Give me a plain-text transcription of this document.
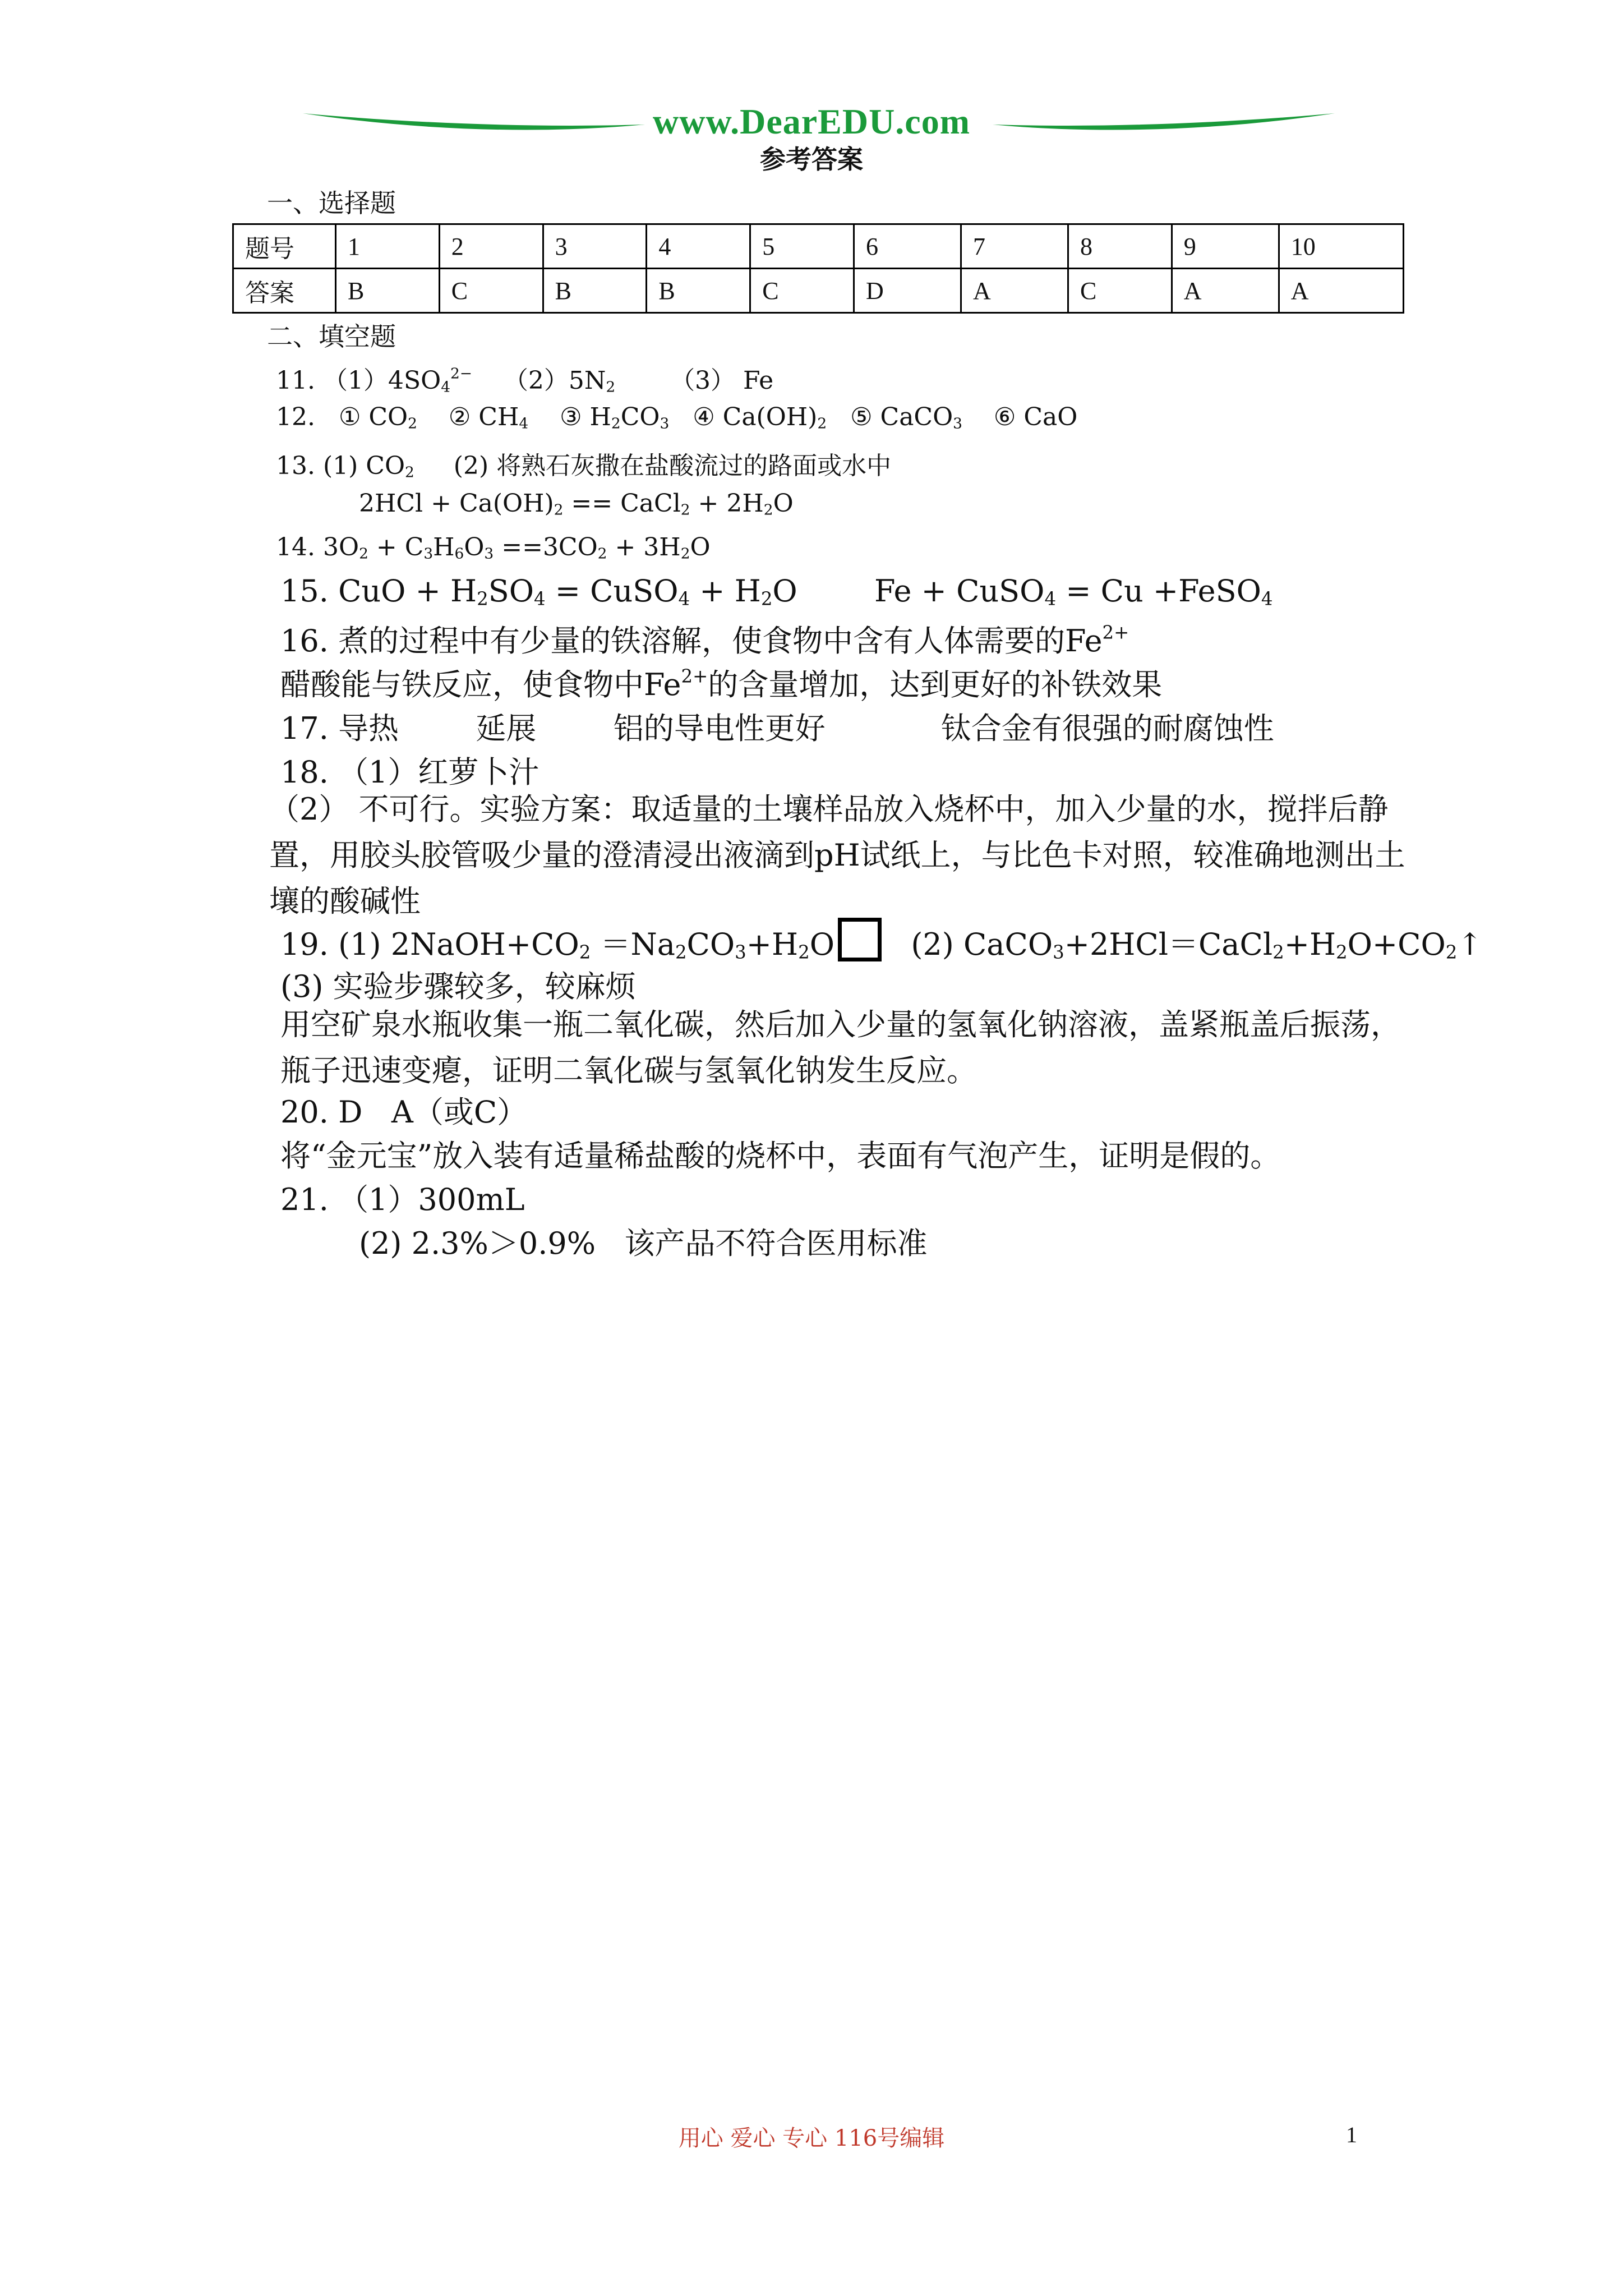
www.DearEDU.com
参考答案
一、选择题
题号	1	2	3	4	5	6	7	8	9	10
答案	B	C	B	B	C	D	A	C	A	A
二、填空题
11. $(1)4SO_4^{2-}$ $(2)5N_2$ （3） Fe
12. ① $CO_2$ ② $CH_4$ ③ $H_2CO_3$ ④ $Ca(OH)_2$ ⑤ CaCO$_3$ ⑥ CaO
13. (1) $CO_2$ (2) 将熟石灰撒在盐酸流过的路面或水中
$2HCl + Ca(OH)_2$ == CaCl$_2$ + $2H_2O$
14. $3O_2 + C_3H_6O_3 ==3CO_2 + 3H_2O$
15. CuO + $H_2SO_4$ = CuSO$_4$ + $H_2O$	Fe + CuSO$_4$ = Cu +FeSO$_4$
16. 煮的过程中有少量的铁溶解，使食物中含有人体需要的$Fe^{2+}$
醋酸能与铁反应，使食物中$Fe^{2+}$的含量增加，达到更好的补铁效果
17. 导热	延展	铝的导电性更好	钛合金有很强的耐腐蚀性
18. （1）红萝卜汁
（2） 不可行。实验方案：取适量的土壤样品放入烧杯中，加入少量的水，搅拌后静置，用胶头胶管吸少量的澄清浸出液滴到pH试纸上，与比色卡对照，较准确地测出土壤的酸碱性
19. (1) $2NaOH+CO_2 =Na_2CO_3+H_2O$	(2) $CaCO_3+2HCl=CaCl_2+H_2O+CO_2↑$
(3) 实验步骤较多，较麻烦
用空矿泉水瓶收集一瓶二氧化碳，然后加入少量的氢氧化钠溶液，盖紧瓶盖后振荡，瓶子迅速变瘪，证明二氧化碳与氢氧化钠发生反应。
20. D A（或C）
将“金元宝”放入装有适量稀盐酸的烧杯中，表面有气泡产生，证明是假的。
21. （1）300mL
(2) 2.3%＞0.9% 该产品不符合医用标准
用心 爱心 专心 116号编辑	1
